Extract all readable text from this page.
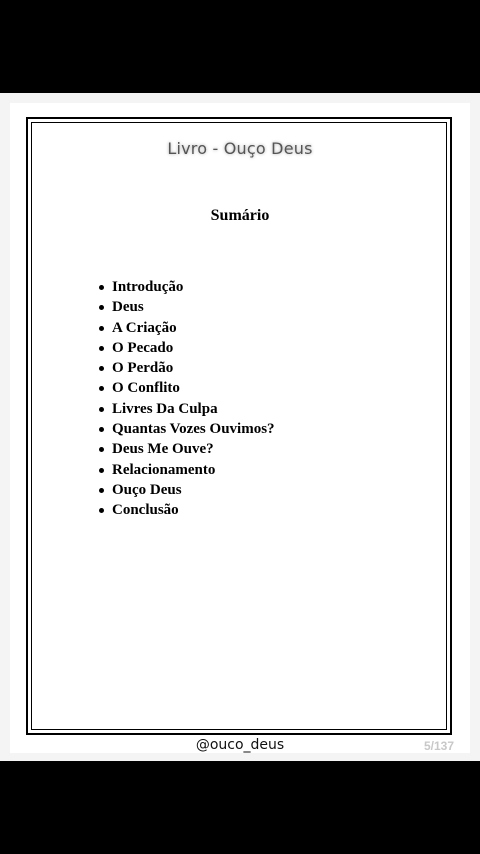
Livro - Ouço Deus
Sumário
Introdução
Deus
A Criação
O Pecado
O Perdão
O Conflito
Livres Da Culpa
Quantas Vozes Ouvimos?
Deus Me Ouve?
Relacionamento
Ouço Deus
Conclusão
@ouco_deus	5/137
